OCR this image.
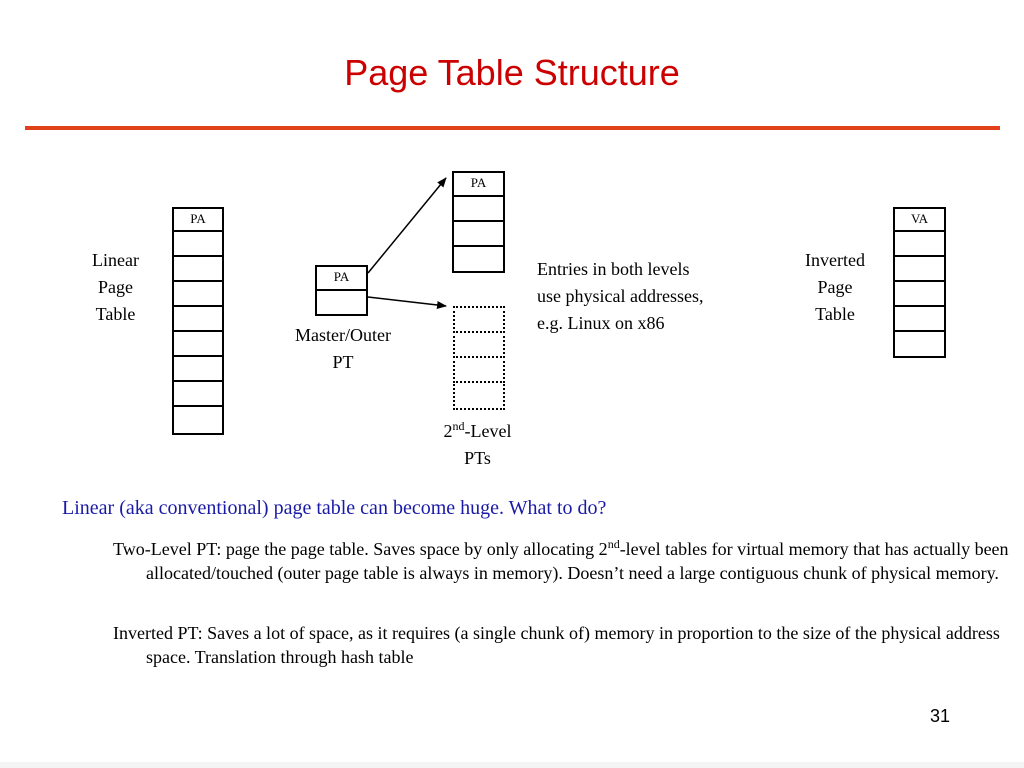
Page Table Structure
Linear
Page
Table
PA
PA
Master/Outer
PT
PA
2nd-Level
PTs
Entries in both levels
use physical addresses,
e.g. Linux on x86
Inverted
Page
Table
VA
Linear (aka conventional) page table can become huge. What to do?
Two-Level PT: page the page table. Saves space by only allocating 2nd-level tables for virtual memory that has actually been allocated/touched (outer page table is always in memory). Doesn’t need a large contiguous chunk of physical memory.
Inverted PT: Saves a lot of space, as it requires (a single chunk of) memory in proportion to the size of the physical address space. Translation through hash table
31
